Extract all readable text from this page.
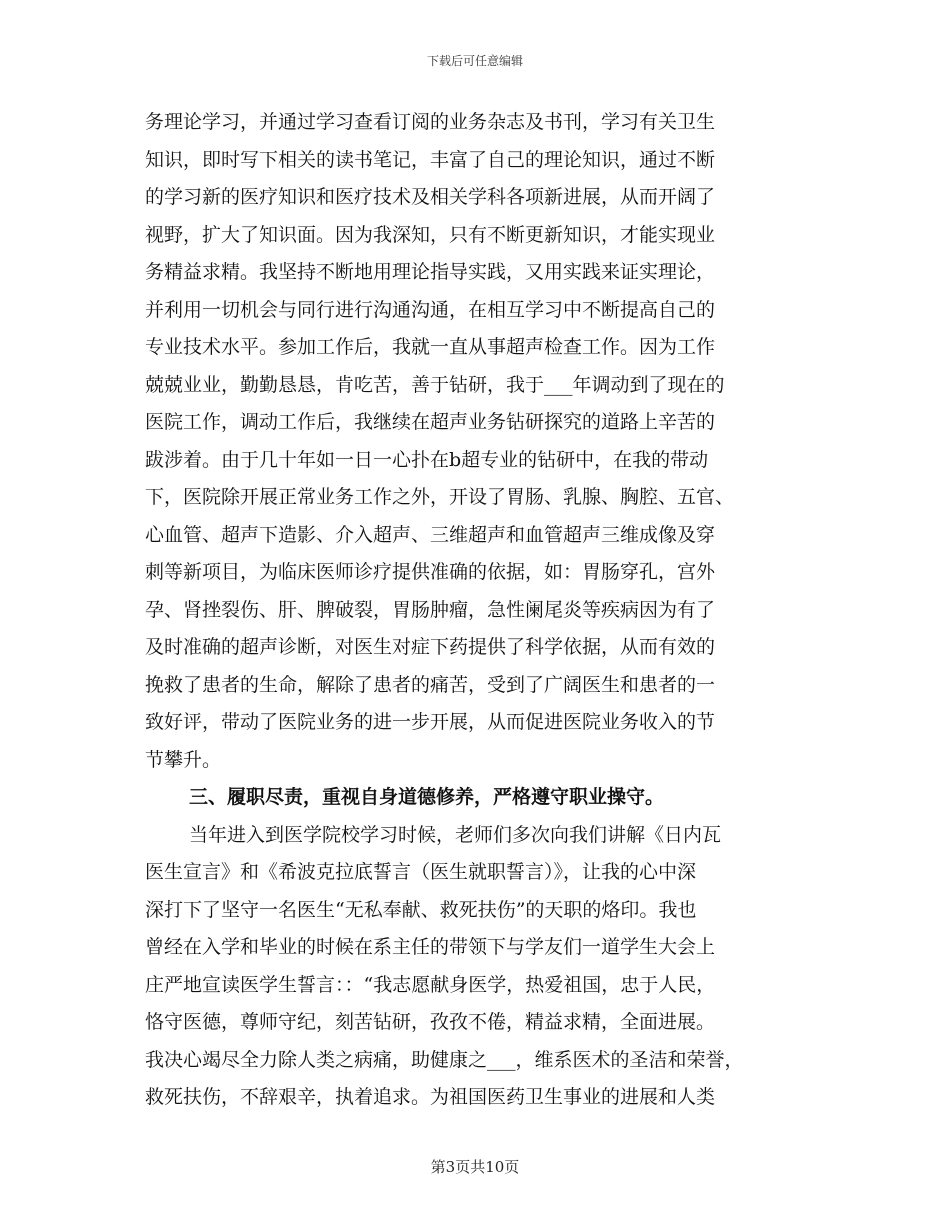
下载后可任意编辑
务理论学习，并通过学习查看订阅的业务杂志及书刊，学习有关卫生
知识，即时写下相关的读书笔记，丰富了自己的理论知识，通过不断
的学习新的医疗知识和医疗技术及相关学科各项新进展，从而开阔了
视野，扩大了知识面。因为我深知，只有不断更新知识，才能实现业
务精益求精。我坚持不断地用理论指导实践，又用实践来证实理论，
并利用一切机会与同行进行沟通沟通，在相互学习中不断提高自己的
专业技术水平。参加工作后，我就一直从事超声检查工作。因为工作
兢兢业业，勤勤恳恳，肯吃苦，善于钻研，我于___年调动到了现在的
医院工作，调动工作后，我继续在超声业务钻研探究的道路上辛苦的
跋涉着。由于几十年如一日一心扑在b超专业的钻研中，在我的带动
下，医院除开展正常业务工作之外，开设了胃肠、乳腺、胸腔、五官、
心血管、超声下造影、介入超声、三维超声和血管超声三维成像及穿
刺等新项目，为临床医师诊疗提供准确的依据，如：胃肠穿孔，宫外
孕、肾挫裂伤、肝、脾破裂，胃肠肿瘤，急性阑尾炎等疾病因为有了
及时准确的超声诊断，对医生对症下药提供了科学依据，从而有效的
挽救了患者的生命，解除了患者的痛苦，受到了广阔医生和患者的一
致好评，带动了医院业务的进一步开展，从而促进医院业务收入的节
节攀升。
三、履职尽责，重视自身道德修养，严格遵守职业操守。
当年进入到医学院校学习时候，老师们多次向我们讲解《日内瓦
医生宣言》和《希波克拉底誓言（医生就职誓言）》，让我的心中深
深打下了坚守一名医生“无私奉献、救死扶伤”的天职的烙印。我也
曾经在入学和毕业的时候在系主任的带领下与学友们一道学生大会上
庄严地宣读医学生誓言：：“我志愿献身医学，热爱祖国，忠于人民，
恪守医德，尊师守纪，刻苦钻研，孜孜不倦，精益求精，全面进展。
我决心竭尽全力除人类之病痛，助健康之___，维系医术的圣洁和荣誉，
救死扶伤，不辞艰辛，执着追求。为祖国医药卫生事业的进展和人类
第3页共10页
